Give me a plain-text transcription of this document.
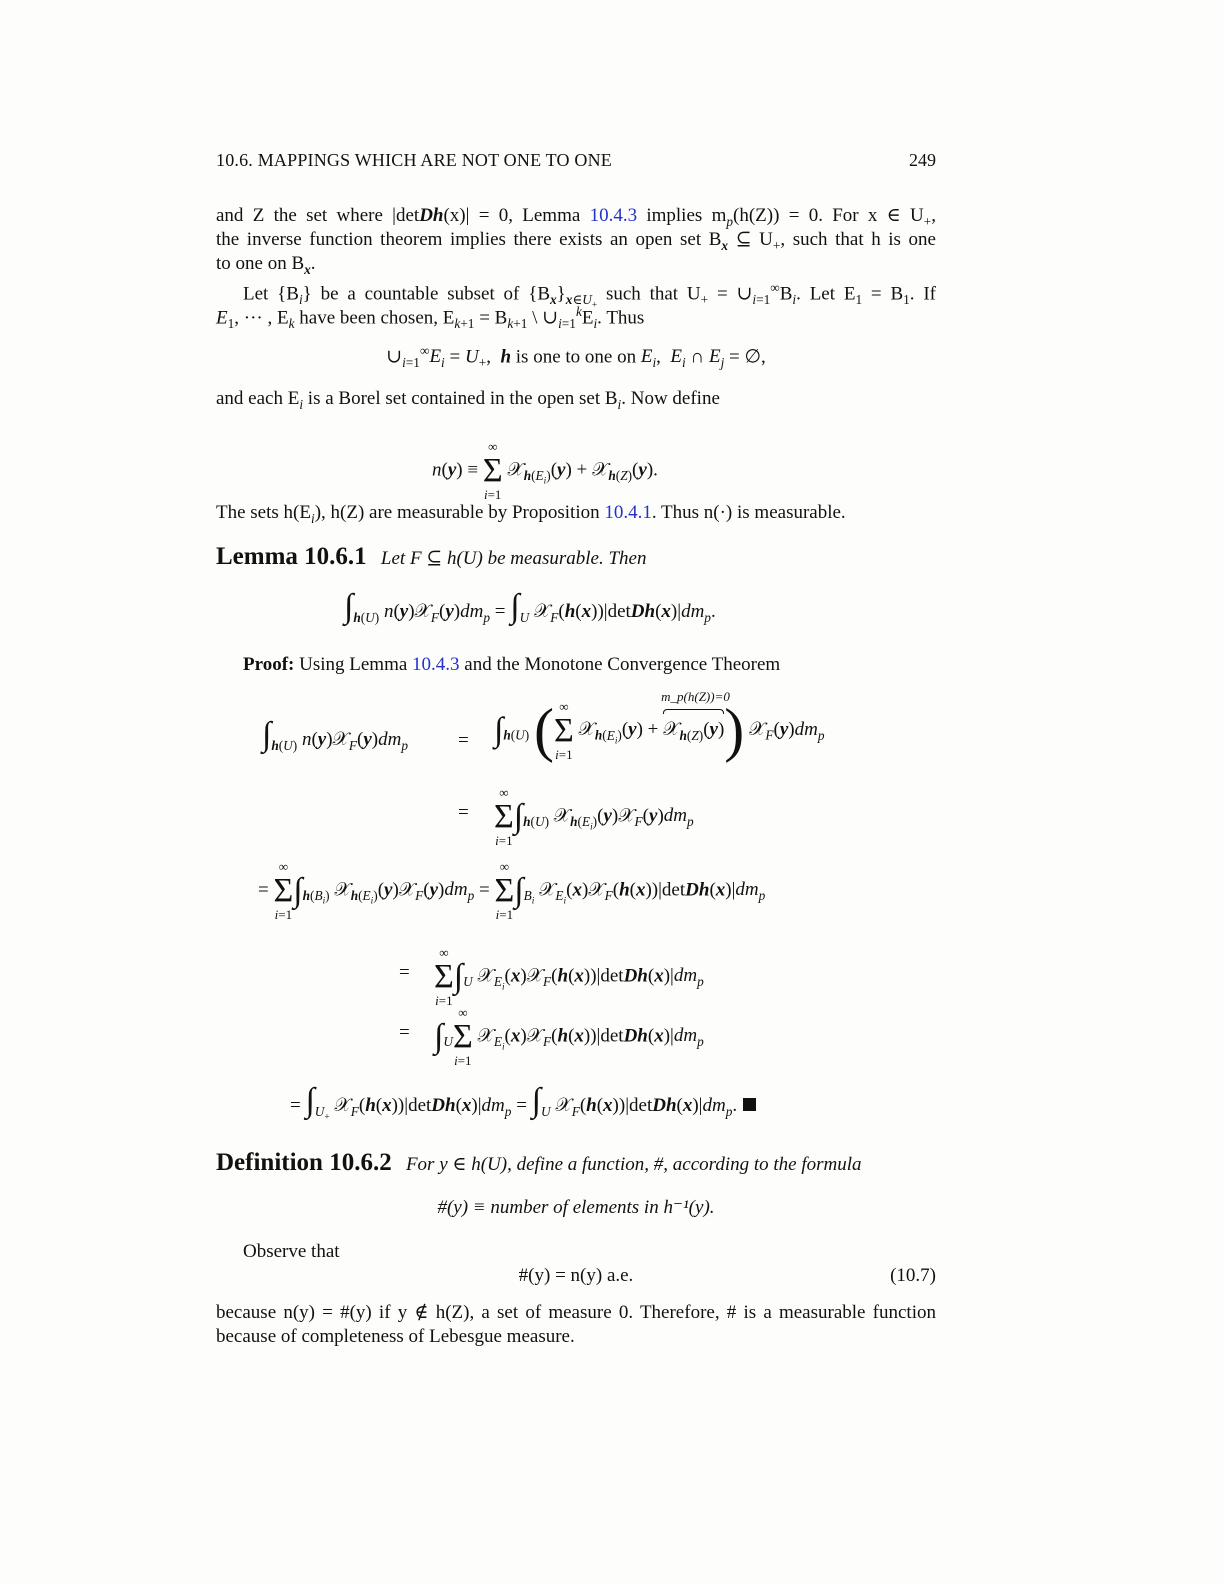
10.6. MAPPINGS WHICH ARE NOT ONE TO ONE	249
and Z the set where |detDh(x)| = 0, Lemma 10.4.3 implies $m_p(h(Z)) = 0$. For x ∈ $U_+$,
the inverse function theorem implies there exists an open set $B_x$ ⊆ $U_+$, such that h is one
to one on $B_x$.
Let $\{B_i\}$ be a countable subset of $\{B_x\}_{x\in U_+}$ such that $U_+$ = $\cup_{i=1}^\infty B_i$. Let $E_1 = B_1$. If
$E_1$, ··· , $E_k$ have been chosen, $E_{k+1} = B_{k+1}$ \ $\cup_{i=1}^kE_i$. Thus
$\cup_{i=1}^\infty E_i = U_+$,  h is one to one on $E_i$,  $E_i$ ∩ $E_j$ = ∅,
and each $E_i$ is a Borel set contained in the open set $B_i$. Now define
n(y) ≡ ∞
Σ
i=1 𝒳$_{h(E_i)}$(y) + 𝒳$_{h(Z)}$(y).
The sets $h(E_i)$, h(Z) are measurable by Proposition 10.4.1. Thus n(·) is measurable.
Lemma 10.6.1 Let F ⊆ h(U) be measurable. Then
$\int_{h(U)}$ $n(y)𝒳_F(y)dm_p = \int_U$ $𝒳_F(h(x))|detDh(x)|dm_p$.
Proof: Using Lemma 10.4.3 and the Monotone Convergence Theorem
$\int_{h(U)}$ $n(y)𝒳_F(y)dm_p$	= $\int_{h(U)}$ ( ∞
Σ
i=1 𝒳$_{h(E_i)}$(y) +
m_p(h(Z))=0
𝒳$_{h(Z)}$(y)) $𝒳_F(y)dm_p$
=
∞
Σ
$i=1\int_{h(U)}$ $𝒳_{h(E_i)}(y)𝒳_F(y)dm_p$
= ∞
Σ
$i=1\int_{h(B_i)}$ $𝒳_{h(E_i)}(y)𝒳_F(y)dm_p$ = ∞
Σ
$i=1\int_{B_i}$ $𝒳_{E_i}(x)𝒳_F(h(x))|detDh(x)|dm_p$
=
∞
Σ
$i=1\int_U$ $𝒳_{E_i}(x)𝒳_F(h(x))|detDh(x)|dm_p$
= $\int_U\infty$
Σ
i=1 $𝒳_{E_i}(x)𝒳_F(h(x))|detDh(x)|dm_p$
= $\int_{U_+}$ $𝒳_F(h(x))|detDh(x)|dm_p = \int_U$ $𝒳_F(h(x))|detDh(x)|dm_p$.
Definition 10.6.2 For y ∈ h(U), define a function, #, according to the formula
#(y) ≡ number of elements in h⁻¹(y).
Observe that
#(y) = n(y) a.e.	(10.7)
because n(y) = #(y) if y ∉ h(Z), a set of measure 0. Therefore, # is a measurable function
because of completeness of Lebesgue measure.
